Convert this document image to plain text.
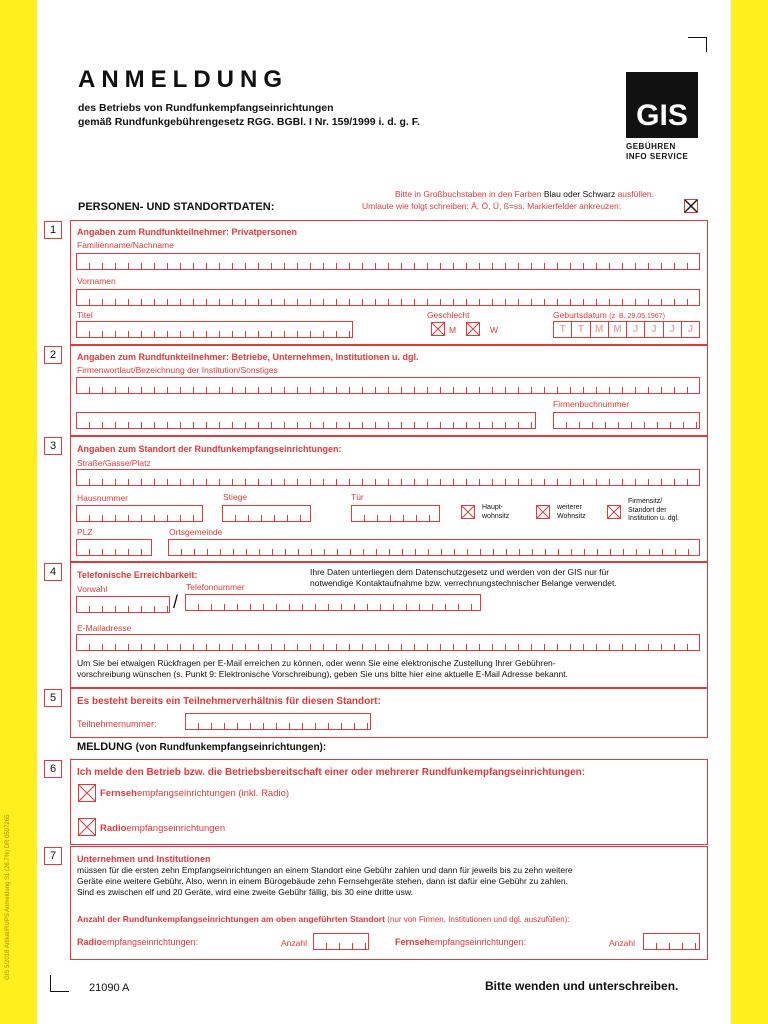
GIS 5/2018 Artikel/RUPS Anmeldung S1 (26.7%) DR 0597265
ANMELDUNG
des Betriebs von Rundfunkempfangseinrichtungen
gemäß Rundfunkgebührengesetz RGG. BGBl. I Nr. 159/1999 i. d. g. F.	GIS
GEBÜHREN
INFO SERVICE
Bitte in Großbuchstaben in den Farben Blau oder Schwarz ausfüllen.
Umlaute wie folgt schreiben: Ä, Ö, Ü, ß=ss. Markierfelder ankreuzen:
PERSONEN- UND STANDORTDATEN:
1	Angaben zum Rundfunkteilnehmer: Privatpersonen
Familienname/Nachname
Vornamen
Titel	Geschlecht
M	W
Geburtsdatum (z. B. 29.05.1967)
T	T	M M	J	J	J	J
2	Angaben zum Rundfunkteilnehmer: Betriebe, Unternehmen, Institutionen u. dgl.
Firmenwortlaut/Bezeichnung der Institution/Sonstiges
Firmenbuchnummer
3	Angaben zum Standort der Rundfunkempfangseinrichtungen:
Straße/Gasse/Platz
Hausnummer	Stiege	Tür
Haupt-
wohnsitz
weiterer
Wohnsitz
Firmensitz/
Standort der
Institution u. dgl.
PLZ	Ortsgemeinde
4	Telefonische Erreichbarkeit:
Vorwahl	Telefonnummer
Ihre Daten unterliegen dem Datenschutzgesetz und werden von der GIS nur für
notwendige Kontaktaufnahme bzw. verrechnungstechnischer Belange verwendet.
/
E-Mailadresse
Um Sie bei etwaigen Rückfragen per E-Mail erreichen zu können, oder wenn Sie eine elektronische Zustellung Ihrer Gebühren-
vorschreibung wünschen (s. Punkt 9: Elektronische Vorschreibung), geben Sie uns bitte hier eine aktuelle E-Mail Adresse bekannt.
5	Es besteht bereits ein Teilnehmerverhältnis für diesen Standort:
Teilnehmernummer:
MELDUNG (von Rundfunkempfangseinrichtungen):
6	Ich melde den Betrieb bzw. die Betriebsbereitschaft einer oder mehrerer Rundfunkempfangseinrichtungen:
Fernsehempfangseinrichtungen (inkl. Radio)
Radioempfangseinrichtungen
7	Unternehmen und Institutionen
müssen für die ersten zehn Empfangseinrichtungen an einem Standort eine Gebühr zahlen und dann für jeweils bis zu zehn weitere
Geräte eine weitere Gebühr. Also, wenn in einem Bürogebäude zehn Fernsehgeräte stehen, dann ist dafür eine Gebühr zu zahlen.
Sind es zwischen elf und 20 Geräte, wird eine zweite Gebühr fällig, bis 30 eine dritte usw.
Anzahl der Rundfunkempfangseinrichtungen am oben angeführten Standort (nur von Firmen, Institutionen und dgl. auszufüllen):
Radioempfangseinrichtungen:	Anzahl	Fernsehempfangseinrichtungen:	Anzahl
21090 A	Bitte wenden und unterschreiben.
